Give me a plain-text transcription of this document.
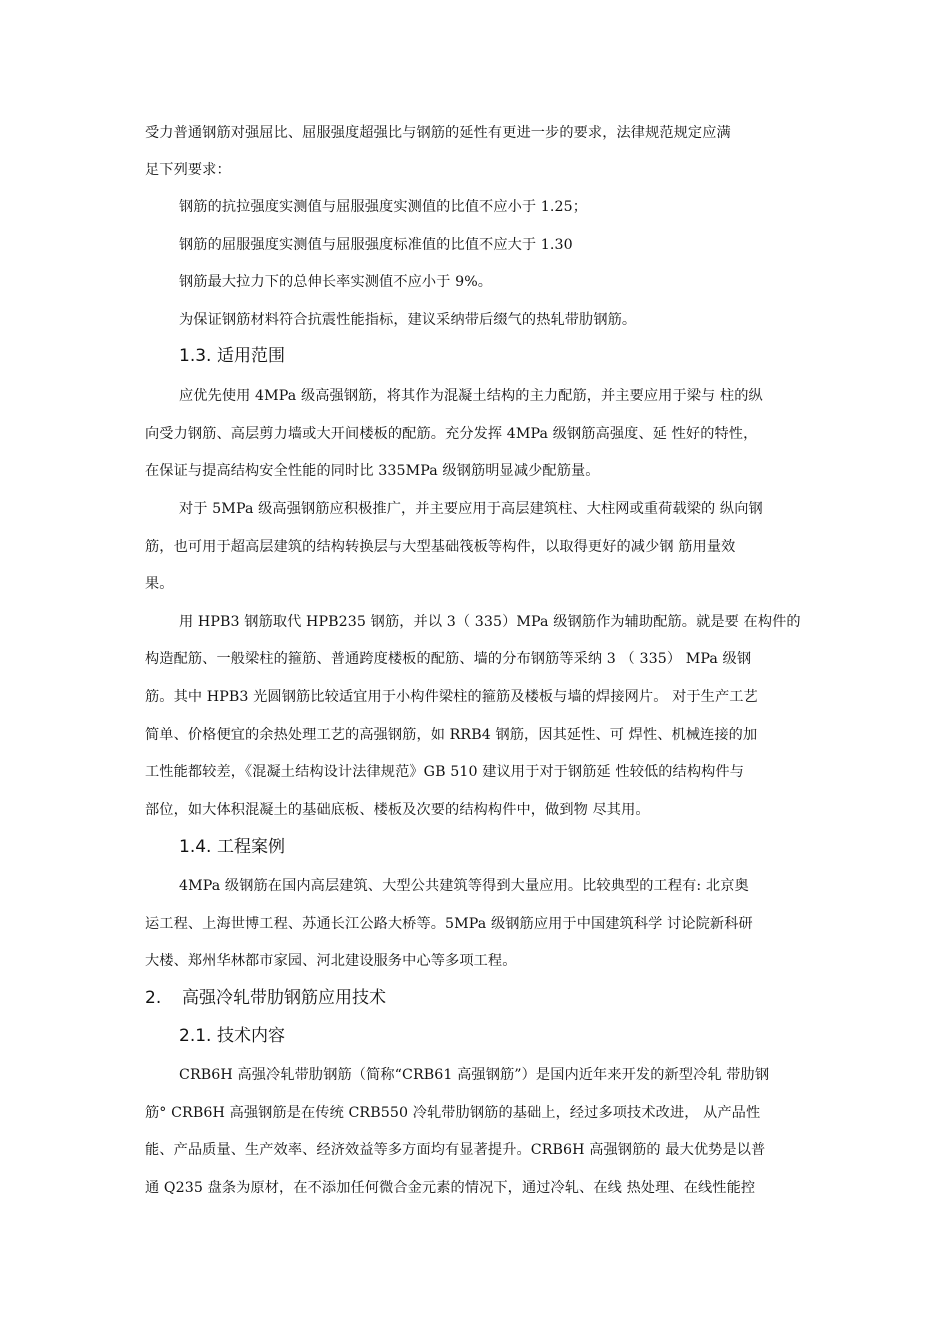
受力普通钢筋对强屈比、屈服强度超强比与钢筋的延性有更进一步的要求，法律规范规定应满
足下列要求：
钢筋的抗拉强度实测值与屈服强度实测值的比值不应小于 1.25；
钢筋的屈服强度实测值与屈服强度标准值的比值不应大于 1.30
钢筋最大拉力下的总伸长率实测值不应小于 9%。
为保证钢筋材料符合抗震性能指标，建议采纳带后缀气的热轧带肋钢筋。
1.3. 适用范围
应优先使用 4MPa 级高强钢筋，将其作为混凝土结构的主力配筋，并主要应用于梁与 柱的纵
向受力钢筋、高层剪力墙或大开间楼板的配筋。充分发挥 4MPa 级钢筋高强度、延 性好的特性，
在保证与提高结构安全性能的同时比 335MPa 级钢筋明显减少配筋量。
对于 5MPa 级高强钢筋应积极推广，并主要应用于高层建筑柱、大柱网或重荷载梁的 纵向钢
筋，也可用于超高层建筑的结构转换层与大型基础筏板等构件，以取得更好的减少钢 筋用量效
果。
用 HPB3 钢筋取代 HPB235 钢筋，并以 3（ 335）MPa 级钢筋作为辅助配筋。就是要 在构件的
构造配筋、一般梁柱的箍筋、普通跨度楼板的配筋、墙的分布钢筋等采纳 3 （ 335） MPa 级钢
筋。其中 HPB3 光圆钢筋比较适宜用于小构件梁柱的箍筋及楼板与墙的焊接网片。 对于生产工艺
简单、价格便宜的余热处理工艺的高强钢筋，如 RRB4 钢筋，因其延性、可 焊性、机械连接的加
工性能都较差，《混凝土结构设计法律规范》GB 510 建议用于对于钢筋延 性较低的结构构件与
部位，如大体积混凝土的基础底板、楼板及次要的结构构件中，做到物 尽其用。
1.4. 工程案例
4MPa 级钢筋在国内高层建筑、大型公共建筑等得到大量应用。比较典型的工程有: 北京奥
运工程、上海世博工程、苏通长江公路大桥等。5MPa 级钢筋应用于中国建筑科学 讨论院新科研
大楼、郑州华林都市家园、河北建设服务中心等多项工程。
2. 高强冷轧带肋钢筋应用技术
2.1. 技术内容
CRB6H 高强冷轧带肋钢筋（简称“CRB61 高强钢筋”）是国内近年来开发的新型冷轧 带肋钢
筋° CRB6H 高强钢筋是在传统 CRB550 冷轧带肋钢筋的基础上，经过多项技术改进， 从产品性
能、产品质量、生产效率、经济效益等多方面均有显著提升。CRB6H 高强钢筋的 最大优势是以普
通 Q235 盘条为原材，在不添加任何微合金元素的情况下，通过冷轧、在线 热处理、在线性能控
